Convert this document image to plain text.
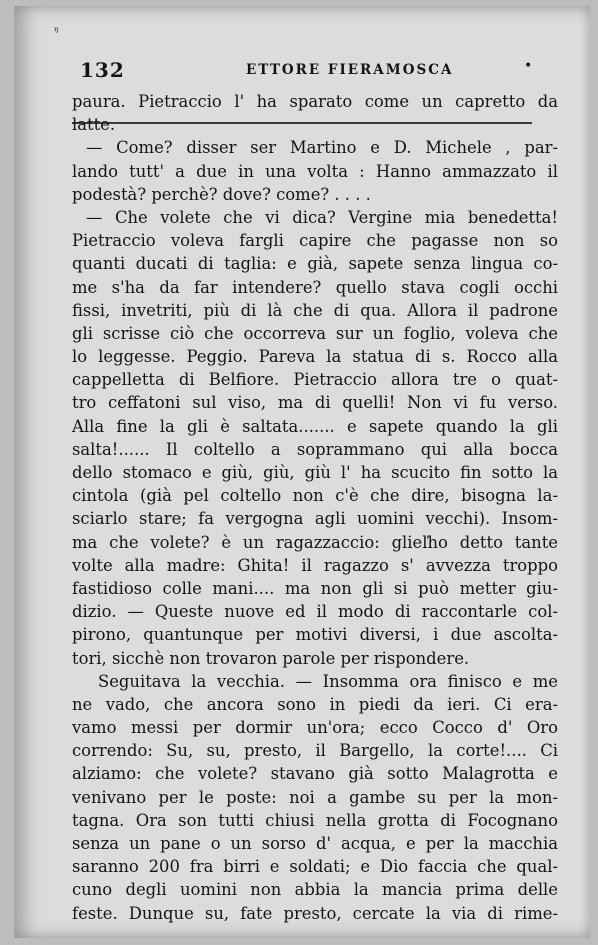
ᵑ
132	ETTORE FIERAMOSCA	•
paura. Pietraccio l' ha sparato come un capretto da
latte.
— Come? disser ser Martino e D. Michele , par-
lando tutt' a due in una volta : Hanno ammazzato il
podestà? perchè? dove? come? . . . .
— Che volete che vi dica? Vergine mia benedetta!
Pietraccio voleva fargli capire che pagasse non so
quanti ducati di taglia: e già, sapete senza lingua co-
me s'ha da far intendere? quello stava cogli occhi
fissi, invetriti, più di là che di qua. Allora il padrone
gli scrisse ciò che occorreva sur un foglio, voleva che
lo leggesse. Peggio. Pareva la statua di s. Rocco alla
cappelletta di Belfiore. Pietraccio allora tre o quat-
tro ceffatoni sul viso, ma di quelli! Non vi fu verso.
Alla fine la gli è saltata....... e sapete quando la gli
salta!...... Il coltello a soprammano qui alla bocca
dello stomaco e giù, giù, giù l' ha scucito fin sotto la
cintola (già pel coltello non c'è che dire, bisogna la-
sciarlo stare; fa vergogna agli uomini vecchi). Insom-
ma che volete? è un ragazzaccio: glieľho detto tante
volte alla madre: Ghita! il ragazzo s' avvezza troppo
fastidioso colle mani.... ma non gli si può metter giu-
dizio. — Queste nuove ed il modo di raccontarle col-
pirono, quantunque per motivi diversi, i due ascolta-
tori, sicchè non trovaron parole per rispondere.
Seguitava la vecchia. — Insomma ora finisco e me
ne vado, che ancora sono in piedi da ieri. Ci era-
vamo messi per dormir un'ora; ecco Cocco d' Oro
correndo: Su, su, presto, il Bargello, la corte!.... Ci
alziamo: che volete? stavano già sotto Malagrotta e
venivano per le poste: noi a gambe su per la mon-
tagna. Ora son tutti chiusi nella grotta di Focognano
senza un pane o un sorso d' acqua, e per la macchia
saranno 200 fra birri e soldati; e Dio faccia che qual-
cuno degli uomini non abbia la mancia prima delle
feste. Dunque su, fate presto, cercate la via di rime-
